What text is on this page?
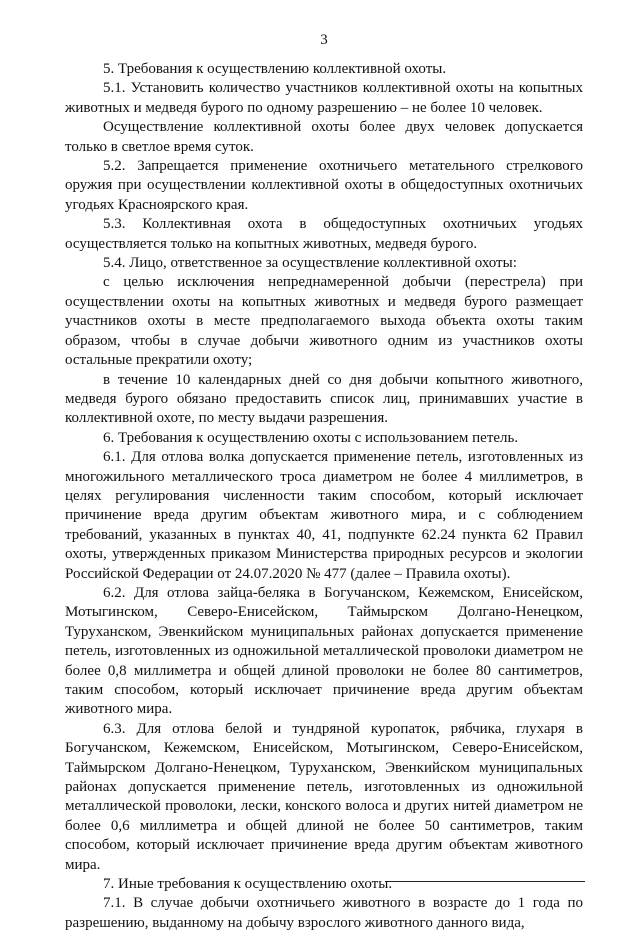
3

5. Требования к осуществлению коллективной охоты.

5.1. Установить количество участников коллективной охоты на копытных животных и медведя бурого по одному разрешению – не более 10 человек.

Осуществление коллективной охоты более двух человек допускается только в светлое время суток.

5.2. Запрещается применение охотничьего метательного стрелкового оружия при осуществлении коллективной охоты в общедоступных охотничьих угодьях Красноярского края.

5.3. Коллективная охота в общедоступных охотничьих угодьях осуществляется только на копытных животных, медведя бурого.

5.4. Лицо, ответственное за осуществление коллективной охоты:

с целью исключения непреднамеренной добычи (перестрела) при осуществлении охоты на копытных животных и медведя бурого размещает участников охоты в месте предполагаемого выхода объекта охоты таким образом, чтобы в случае добычи животного одним из участников охоты остальные прекратили охоту;

в течение 10 календарных дней со дня добычи копытного животного, медведя бурого обязано предоставить список лиц, принимавших участие в коллективной охоте, по месту выдачи разрешения.

6. Требования к осуществлению охоты с использованием петель.

6.1. Для отлова волка допускается применение петель, изготовленных из многожильного металлического троса диаметром не более 4 миллиметров, в целях регулирования численности таким способом, который исключает причинение вреда другим объектам животного мира, и с соблюдением требований, указанных в пунктах 40, 41, подпункте 62.24 пункта 62 Правил охоты, утвержденных приказом Министерства природных ресурсов и экологии Российской Федерации от 24.07.2020 № 477 (далее – Правила охоты).

6.2. Для отлова зайца-беляка в Богучанском, Кежемском, Енисейском, Мотыгинском, Северо-Енисейском, Таймырском Долгано-Ненецком, Туруханском, Эвенкийском муниципальных районах допускается применение петель, изготовленных из одножильной металлической проволоки диаметром не более 0,8 миллиметра и общей длиной проволоки не более 80 сантиметров, таким способом, который исключает причинение вреда другим объектам животного мира.

6.3. Для отлова белой и тундряной куропаток, рябчика, глухаря в Богучанском, Кежемском, Енисейском, Мотыгинском, Северо-Енисейском, Таймырском Долгано-Ненецком, Туруханском, Эвенкийском муниципальных районах допускается применение петель, изготовленных из одножильной металлической проволоки, лески, конского волоса и других нитей диаметром не более 0,6 миллиметра и общей длиной не более 50 сантиметров, таким способом, который исключает причинение вреда другим объектам животного мира.

7. Иные требования к осуществлению охоты.

7.1. В случае добычи охотничьего животного в возрасте до 1 года по разрешению, выданному на добычу взрослого животного данного вида,
